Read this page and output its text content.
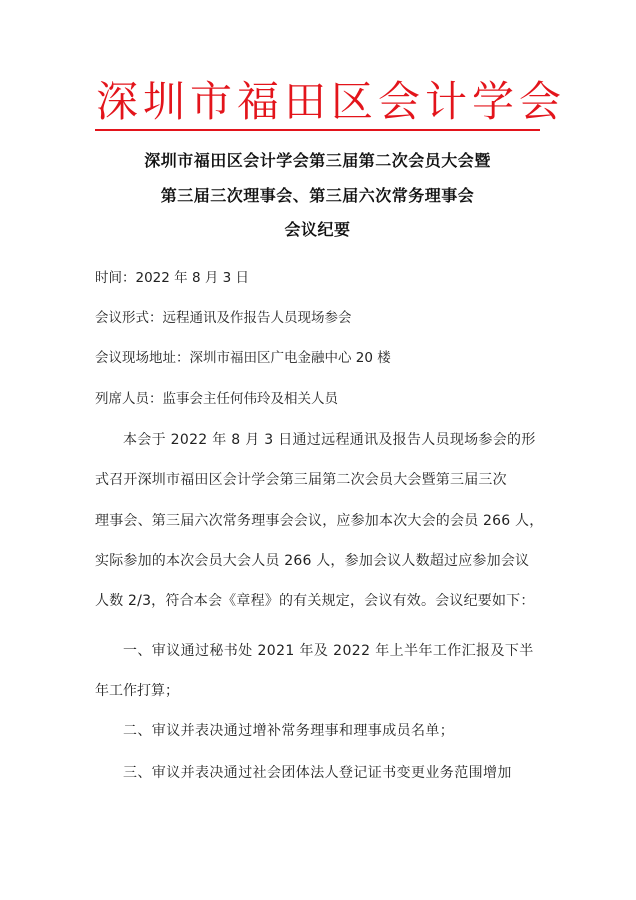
深圳市福田区会计学会
深圳市福田区会计学会第三届第二次会员大会暨
第三届三次理事会、第三届六次常务理事会
会议纪要
时间：2022 年 8 月 3 日
会议形式：远程通讯及作报告人员现场参会
会议现场地址：深圳市福田区广电金融中心 20 楼
列席人员：监事会主任何伟玲及相关人员
本会于 2022 年 8 月 3 日通过远程通讯及报告人员现场参会的形
式召开深圳市福田区会计学会第三届第二次会员大会暨第三届三次
理事会、第三届六次常务理事会会议，应参加本次大会的会员 266 人，
实际参加的本次会员大会人员 266 人，参加会议人数超过应参加会议
人数 2/3，符合本会《章程》的有关规定，会议有效。会议纪要如下：
一、审议通过秘书处 2021 年及 2022 年上半年工作汇报及下半
年工作打算；
二、审议并表决通过增补常务理事和理事成员名单；
三、审议并表决通过社会团体法人登记证书变更业务范围增加
